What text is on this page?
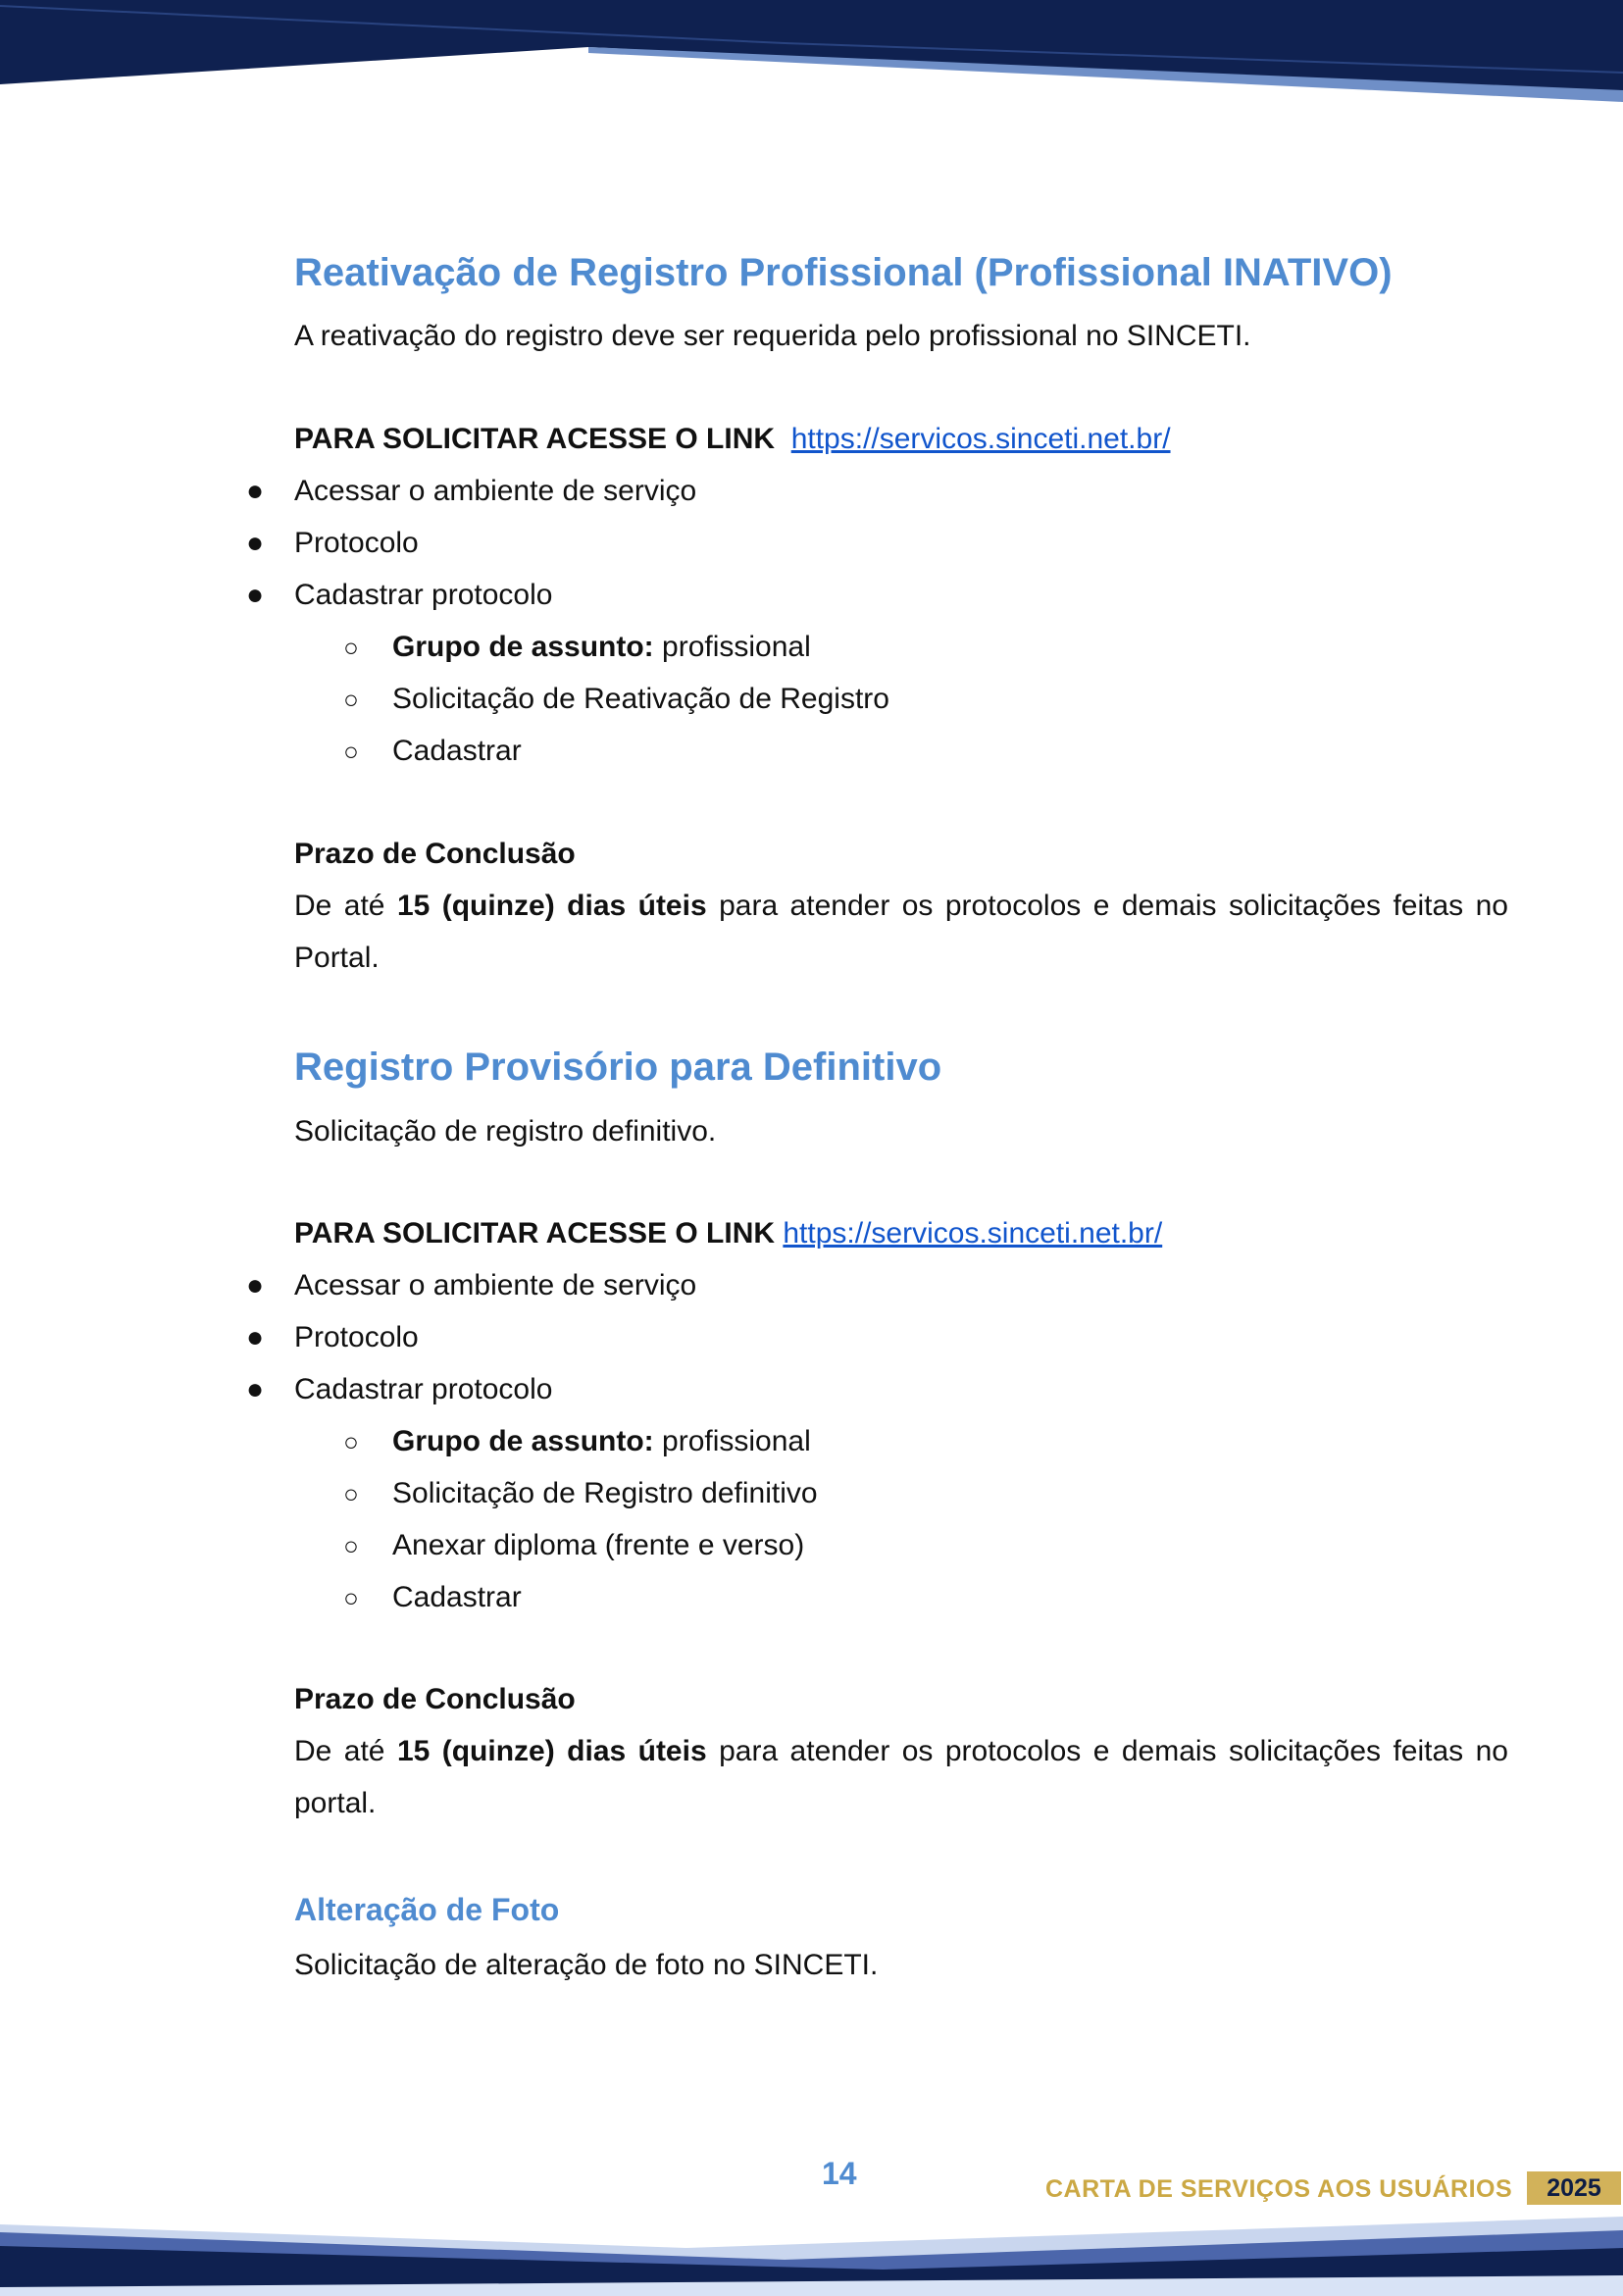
Reativação de Registro Profissional (Profissional INATIVO)

A reativação do registro deve ser requerida pelo profissional no SINCETI.

PARA SOLICITAR ACESSE O LINK https://servicos.sinceti.net.br/

● Acessar o ambiente de serviço
● Protocolo
● Cadastrar protocolo
○ Grupo de assunto: profissional
○ Solicitação de Reativação de Registro
○ Cadastrar

Prazo de Conclusão

De até 15 (quinze) dias úteis para atender os protocolos e demais solicitações feitas no Portal.

Registro Provisório para Definitivo

Solicitação de registro definitivo.

PARA SOLICITAR ACESSE O LINK https://servicos.sinceti.net.br/

● Acessar o ambiente de serviço
● Protocolo
● Cadastrar protocolo
○ Grupo de assunto: profissional
○ Solicitação de Registro definitivo
○ Anexar diploma (frente e verso)
○ Cadastrar

Prazo de Conclusão

De até 15 (quinze) dias úteis para atender os protocolos e demais solicitações feitas no portal.

Alteração de Foto

Solicitação de alteração de foto no SINCETI.

14	CARTA DE SERVIÇOS AOS USUÁRIOS	2025
